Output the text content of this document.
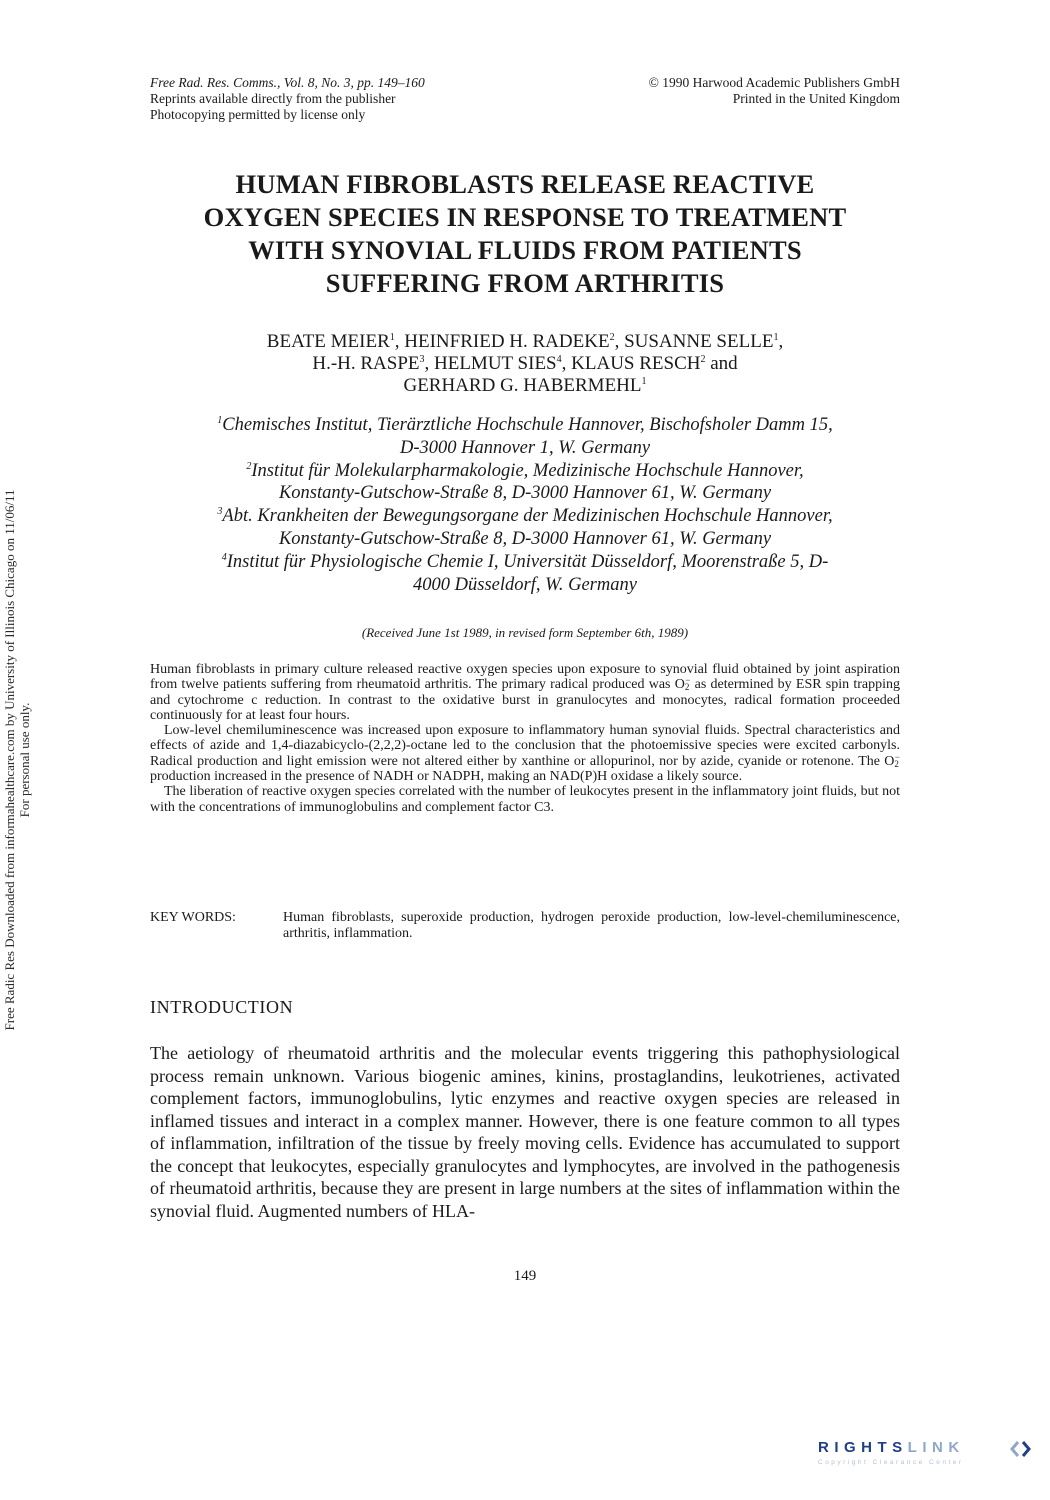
Free Rad. Res. Comms., Vol. 8, No. 3, pp. 149–160
Reprints available directly from the publisher
Photocopying permitted by license only
© 1990 Harwood Academic Publishers GmbH
Printed in the United Kingdom
HUMAN FIBROBLASTS RELEASE REACTIVE
OXYGEN SPECIES IN RESPONSE TO TREATMENT
WITH SYNOVIAL FLUIDS FROM PATIENTS
SUFFERING FROM ARTHRITIS
BEATE MEIER$^1$, HEINFRIED H. RADEKE$^2$, SUSANNE SELLE$^1$,
H.-H. RASPE$^3$, HELMUT SIES$^4$, KLAUS RESCH$^2$ and
GERHARD G. HABERMEHL$^1$
$^1$Chemisches Institut, Tierärztliche Hochschule Hannover, Bischofsholer Damm 15,
D-3000 Hannover 1, W. Germany
$^2$Institut für Molekularpharmakologie, Medizinische Hochschule Hannover,
Konstanty-Gutschow-Straße 8, D-3000 Hannover 61, W. Germany
$^3$Abt. Krankheiten der Bewegungsorgane der Medizinischen Hochschule Hannover,
Konstanty-Gutschow-Straße 8, D-3000 Hannover 61, W. Germany
$^4$Institut für Physiologische Chemie I, Universität Düsseldorf, Moorenstraße 5, D-
4000 Düsseldorf, W. Germany
(Received June 1st 1989, in revised form September 6th, 1989)

Human fibroblasts in primary culture released reactive oxygen species upon exposure to synovial fluid obtained by joint aspiration from twelve patients suffering from rheumatoid arthritis. The primary radical produced was $O_2^-$ as determined by ESR spin trapping and cytochrome c reduction. In contrast to the oxidative burst in granulocytes and monocytes, radical formation proceeded continuously for at least four hours.

Low-level chemiluminescence was increased upon exposure to inflammatory human synovial fluids. Spectral characteristics and effects of azide and 1,4-diazabicyclo-(2,2,2)-octane led to the conclusion that the photoemissive species were excited carbonyls. Radical production and light emission were not altered either by xanthine or allopurinol, nor by azide, cyanide or rotenone. The $O_2^-$ production increased in the presence of NADH or NADPH, making an NAD(P)H oxidase a likely source.

The liberation of reactive oxygen species correlated with the number of leukocytes present in the inflammatory joint fluids, but not with the concentrations of immunoglobulins and complement factor C3.

KEY WORDS:	Human fibroblasts, superoxide production, hydrogen peroxide production, low-level-chemiluminescence, arthritis, inflammation.
INTRODUCTION

The aetiology of rheumatoid arthritis and the molecular events triggering this pathophysiological process remain unknown. Various biogenic amines, kinins, prostaglandins, leukotrienes, activated complement factors, immunoglobulins, lytic enzymes and reactive oxygen species are released in inflamed tissues and interact in a complex manner. However, there is one feature common to all types of inflammation, infiltration of the tissue by freely moving cells. Evidence has accumulated to support the concept that leukocytes, especially granulocytes and lymphocytes, are involved in the pathogenesis of rheumatoid arthritis, because they are present in large numbers at the sites of inflammation within the synovial fluid. Augmented numbers of HLA-

149
Free Radic Res Downloaded from informahealthcare.com by University of Illinois Chicago on 11/06/11 For personal use only.
RIGHTSLINK
Copyright Clearance Center
